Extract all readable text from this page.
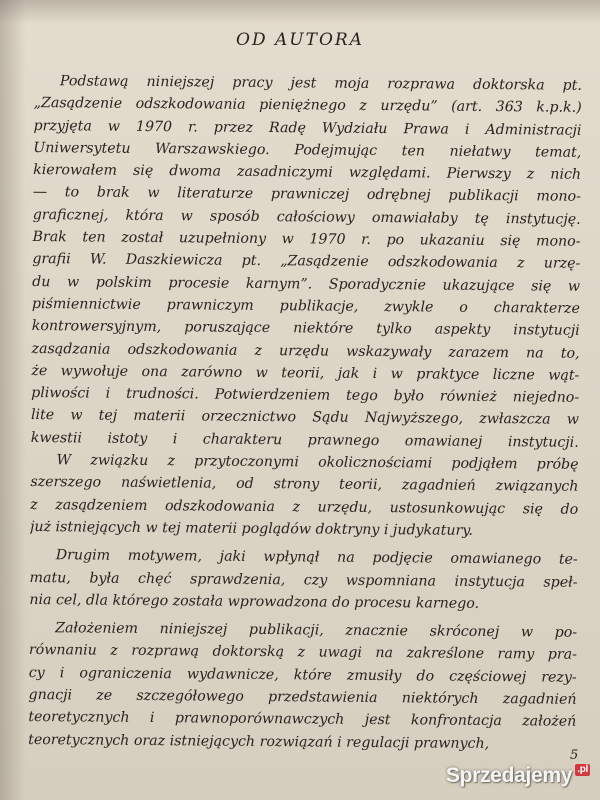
OD AUTORA
Podstawą niniejszej pracy jest moja rozprawa doktorska pt.
„Zasądzenie odszkodowania pieniężnego z urzędu” (art. 363 k.p.k.)
przyjęta w 1970 r. przez Radę Wydziału Prawa i Administracji
Uniwersytetu Warszawskiego. Podejmując ten niełatwy temat,
kierowałem się dwoma zasadniczymi względami. Pierwszy z nich
— to brak w literaturze prawniczej odrębnej publikacji mono-
graficznej, która w sposób całościowy omawiałaby tę instytucję.
Brak ten został uzupełniony w 1970 r. po ukazaniu się mono-
grafii W. Daszkiewicza pt. „Zasądzenie odszkodowania z urzę-
du w polskim procesie karnym”. Sporadycznie ukazujące się w
piśmiennictwie prawniczym publikacje, zwykle o charakterze
kontrowersyjnym, poruszające niektóre tylko aspekty instytucji
zasądzania odszkodowania z urzędu wskazywały zarazem na to,
że wywołuje ona zarówno w teorii, jak i w praktyce liczne wąt-
pliwości i trudności. Potwierdzeniem tego było również niejedno-
lite w tej materii orzecznictwo Sądu Najwyższego, zwłaszcza w
kwestii istoty i charakteru prawnego omawianej instytucji.
W związku z przytoczonymi okolicznościami podjąłem próbę
szerszego naświetlenia, od strony teorii, zagadnień związanych
z zasądzeniem odszkodowania z urzędu, ustosunkowując się do
już istniejących w tej materii poglądów doktryny i judykatury.
Drugim motywem, jaki wpłynął na podjęcie omawianego te-
matu, była chęć sprawdzenia, czy wspomniana instytucja speł-
nia cel, dla którego została wprowadzona do procesu karnego.
Założeniem niniejszej publikacji, znacznie skróconej w po-
równaniu z rozprawą doktorską z uwagi na zakreślone ramy pra-
cy i ograniczenia wydawnicze, które zmusiły do częściowej rezy-
gnacji ze szczegółowego przedstawienia niektórych zagadnień
teoretycznych i prawnoporównawczych jest konfrontacja założeń
teoretycznych oraz istniejących rozwiązań i regulacji prawnych,
5
Sprzedajemy .pl
